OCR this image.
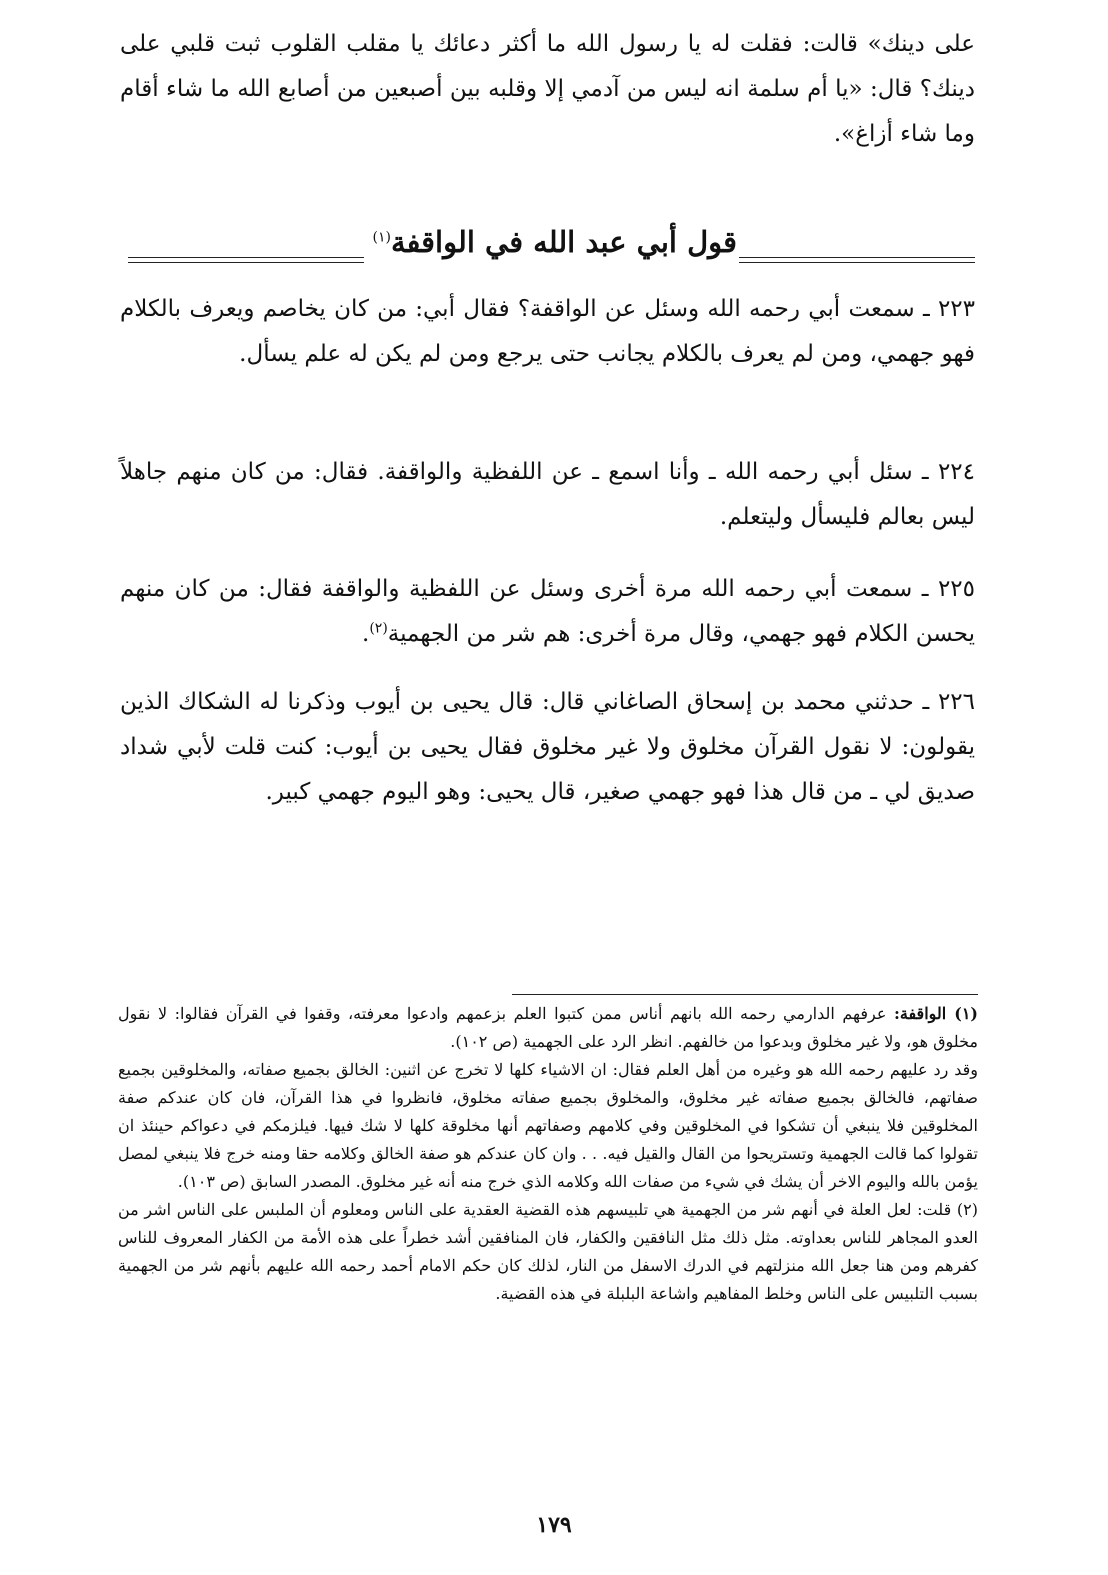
على دينك» قالت: فقلت له يا رسول الله ما أكثر دعائك يا مقلب القلوب ثبت قلبي على دينك؟ قال: «يا أم سلمة انه ليس من آدمي إلا وقلبه بين أصبعين من أصابع الله ما شاء أقام وما شاء أزاغ».

قول أبي عبد الله في الواقفة$^{(١)}$

٢٢٣ ـ سمعت أبي رحمه الله وسئل عن الواقفة؟ فقال أبي: من كان يخاصم ويعرف بالكلام فهو جهمي، ومن لم يعرف بالكلام يجانب حتى يرجع ومن لم يكن له علم يسأل.

٢٢٤ ـ سئل أبي رحمه الله ـ وأنا اسمع ـ عن اللفظية والواقفة. فقال: من كان منهم جاهلاً ليس بعالم فليسأل وليتعلم.

٢٢٥ ـ سمعت أبي رحمه الله مرة أخرى وسئل عن اللفظية والواقفة فقال: من كان منهم يحسن الكلام فهو جهمي، وقال مرة أخرى: هم شر من الجهمية$^{(٢)}$.

٢٢٦ ـ حدثني محمد بن إسحاق الصاغاني قال: قال يحيى بن أيوب وذكرنا له الشكاك الذين يقولون: لا نقول القرآن مخلوق ولا غير مخلوق فقال يحيى بن أيوب: كنت قلت لأبي شداد صديق لي ـ من قال هذا فهو جهمي صغير، قال يحيى: وهو اليوم جهمي كبير.

(١) الواقفة: عرفهم الدارمي رحمه الله بانهم أناس ممن كتبوا العلم بزعمهم وادعوا معرفته، وقفوا في القرآن فقالوا: لا نقول مخلوق هو، ولا غير مخلوق وبدعوا من خالفهم. انظر الرد على الجهمية (ص ١٠٢).

وقد رد عليهم رحمه الله هو وغيره من أهل العلم فقال: ان الاشياء كلها لا تخرج عن اثنين: الخالق بجميع صفاته، والمخلوقين بجميع صفاتهم، فالخالق بجميع صفاته غير مخلوق، والمخلوق بجميع صفاته مخلوق، فانظروا في هذا القرآن، فان كان عندكم صفة المخلوقين فلا ينبغي أن تشكوا في المخلوقين وفي كلامهم وصفاتهم أنها مخلوقة كلها لا شك فيها. فيلزمكم في دعواكم حينئذ ان تقولوا كما قالت الجهمية وتستريحوا من القال والقيل فيه. . . وان كان عندكم هو صفة الخالق وكلامه حقا ومنه خرج فلا ينبغي لمصل يؤمن بالله واليوم الاخر أن يشك في شيء من صفات الله وكلامه الذي خرج منه أنه غير مخلوق. المصدر السابق (ص ١٠٣).

(٢) قلت: لعل العلة في أنهم شر من الجهمية هي تلبيسهم هذه القضية العقدية على الناس ومعلوم أن الملبس على الناس اشر من العدو المجاهر للناس بعداوته. مثل ذلك مثل النافقين والكفار، فان المنافقين أشد خطراً على هذه الأمة من الكفار المعروف للناس كفرهم ومن هنا جعل الله منزلتهم في الدرك الاسفل من النار، لذلك كان حكم الامام أحمد رحمه الله عليهم بأنهم شر من الجهمية بسبب التلبيس على الناس وخلط المفاهيم واشاعة البلبلة في هذه القضية.

١٧٩
